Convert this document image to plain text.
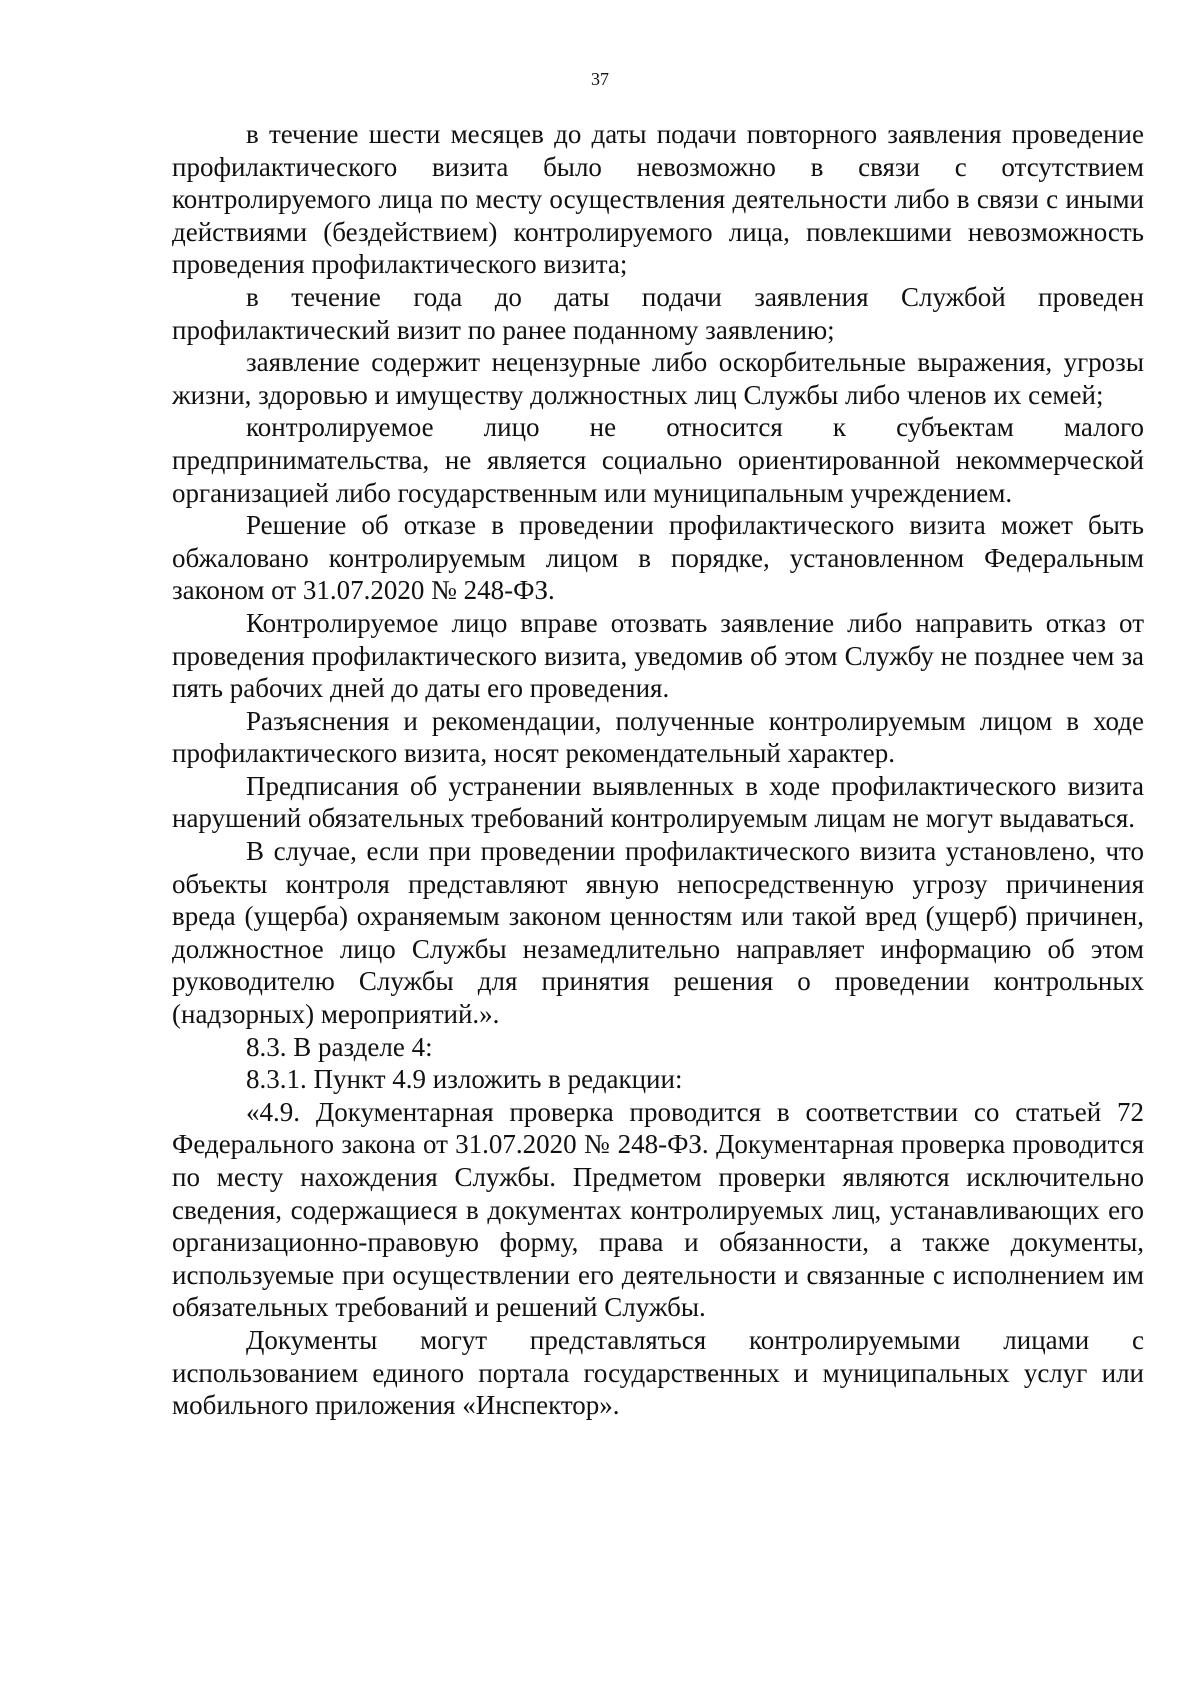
37

в течение шести месяцев до даты подачи повторного заявления проведение профилактического визита было невозможно в связи с отсутствием контролируемого лица по месту осуществления деятельности либо в связи с иными действиями (бездействием) контролируемого лица, повлекшими невозможность проведения профилактического визита;

в течение года до даты подачи заявления Службой проведен профилактический визит по ранее поданному заявлению;

заявление содержит нецензурные либо оскорбительные выражения, угрозы жизни, здоровью и имуществу должностных лиц Службы либо членов их семей;

контролируемое лицо не относится к субъектам малого предпринимательства, не является социально ориентированной некоммерческой организацией либо государственным или муниципальным учреждением.

Решение об отказе в проведении профилактического визита может быть обжаловано контролируемым лицом в порядке, установленном Федеральным законом от 31.07.2020 № 248-ФЗ.

Контролируемое лицо вправе отозвать заявление либо направить отказ от проведения профилактического визита, уведомив об этом Службу не позднее чем за пять рабочих дней до даты его проведения.

Разъяснения и рекомендации, полученные контролируемым лицом в ходе профилактического визита, носят рекомендательный характер.

Предписания об устранении выявленных в ходе профилактического визита нарушений обязательных требований контролируемым лицам не могут выдаваться.

В случае, если при проведении профилактического визита установлено, что объекты контроля представляют явную непосредственную угрозу причинения вреда (ущерба) охраняемым законом ценностям или такой вред (ущерб) причинен, должностное лицо Службы незамедлительно направляет информацию об этом руководителю Службы для принятия решения о проведении контрольных (надзорных) мероприятий.».

8.3. В разделе 4:

8.3.1. Пункт 4.9 изложить в редакции:

«4.9. Документарная проверка проводится в соответствии со статьей 72 Федерального закона от 31.07.2020 № 248-ФЗ. Документарная проверка проводится по месту нахождения Службы. Предметом проверки являются исключительно сведения, содержащиеся в документах контролируемых лиц, устанавливающих его организационно-правовую форму, права и обязанности, а также документы, используемые при осуществлении его деятельности и связанные с исполнением им обязательных требований и решений Службы.

Документы могут представляться контролируемыми лицами с использованием единого портала государственных и муниципальных услуг или мобильного приложения «Инспектор».
